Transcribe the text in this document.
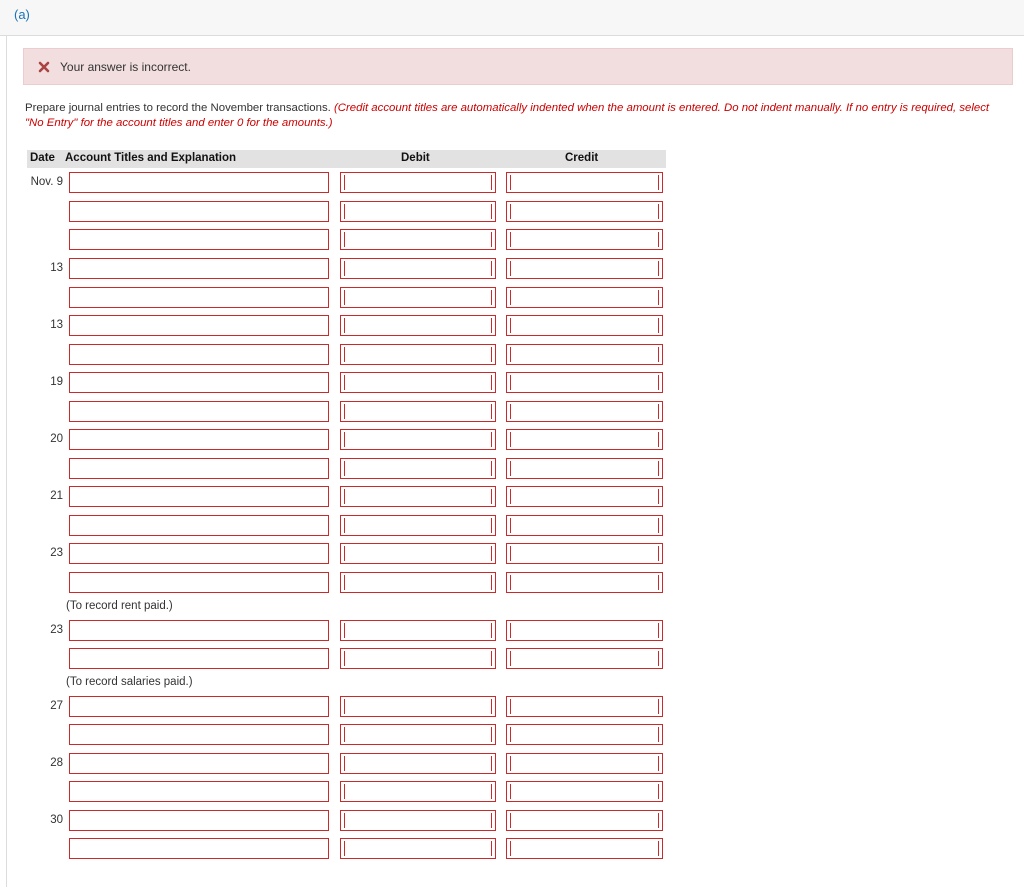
(a)
Your answer is incorrect.
Prepare journal entries to record the November transactions. (Credit account titles are automatically indented when the amount is entered. Do not indent manually. If no entry is required, select "No Entry" for the account titles and enter 0 for the amounts.)
Date Account Titles and Explanation	Debit	Credit
Nov. 9
13
13
19
20
21
23
23
27
28
30
(To record rent paid.)
(To record salaries paid.)
